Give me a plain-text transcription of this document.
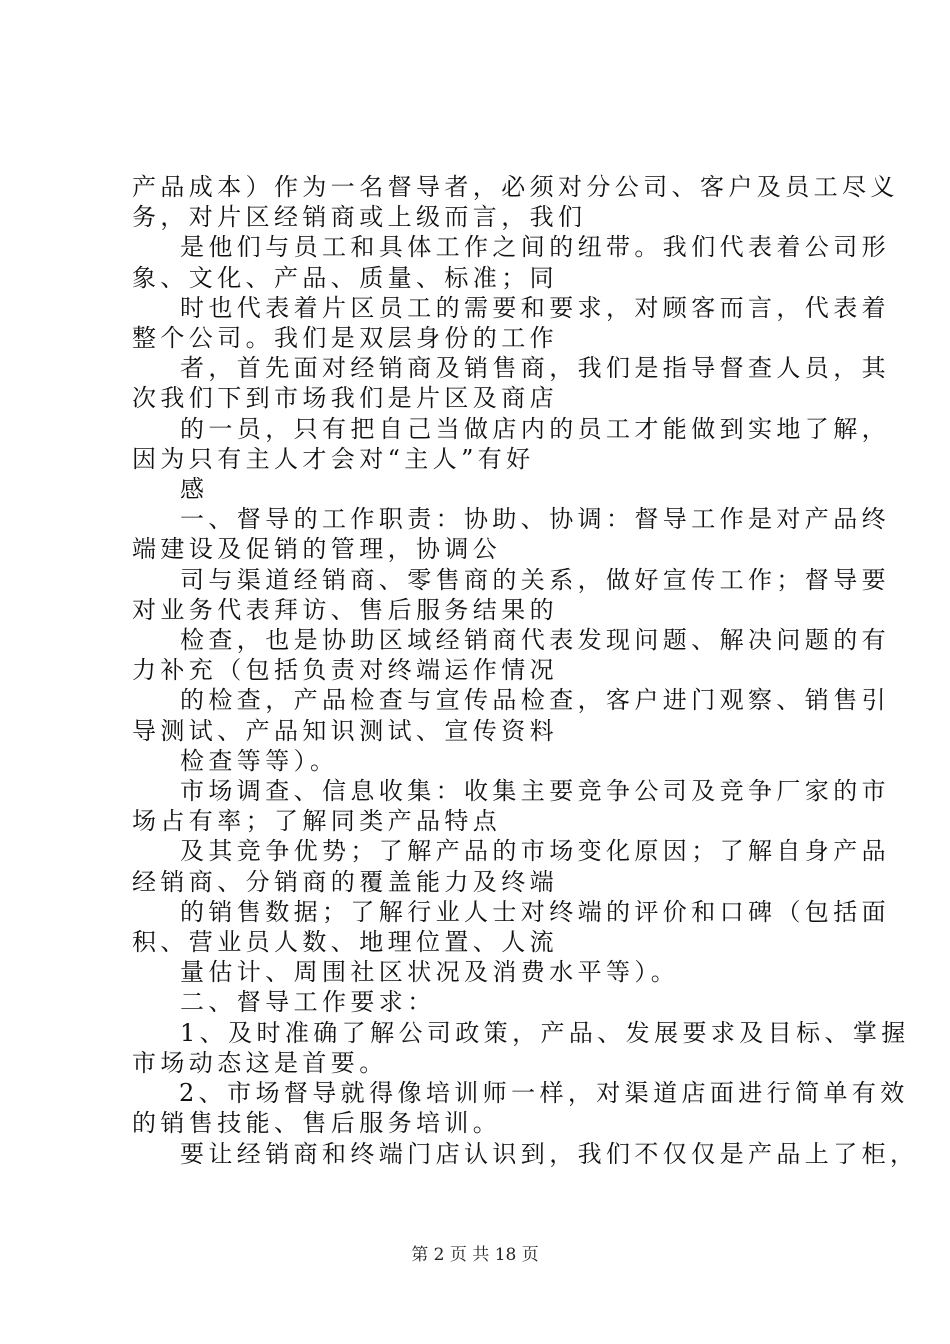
产品成本）作为一名督导者，必须对分公司、客户及员工尽义

务，对片区经销商或上级而言，我们

是他们与员工和具体工作之间的纽带。我们代表着公司形

象、文化、产品、质量、标准；同

时也代表着片区员工的需要和要求，对顾客而言，代表着

整个公司。我们是双层身份的工作

者，首先面对经销商及销售商，我们是指导督查人员，其

次我们下到市场我们是片区及商店

的一员，只有把自己当做店内的员工才能做到实地了解，

因为只有主人才会对“主人”有好

感

一、督导的工作职责：协助、协调：督导工作是对产品终

端建设及促销的管理，协调公

司与渠道经销商、零售商的关系，做好宣传工作；督导要

对业务代表拜访、售后服务结果的

检查，也是协助区域经销商代表发现问题、解决问题的有

力补充（包括负责对终端运作情况

的检查，产品检查与宣传品检查，客户进门观察、销售引

导测试、产品知识测试、宣传资料

检查等等）。

市场调查、信息收集：收集主要竞争公司及竞争厂家的市

场占有率；了解同类产品特点

及其竞争优势；了解产品的市场变化原因；了解自身产品

经销商、分销商的覆盖能力及终端

的销售数据；了解行业人士对终端的评价和口碑（包括面

积、营业员人数、地理位置、人流

量估计、周围社区状况及消费水平等）。

二、督导工作要求：

1、及时准确了解公司政策，产品、发展要求及目标、掌握

市场动态这是首要。

2、市场督导就得像培训师一样，对渠道店面进行简单有效

的销售技能、售后服务培训。

要让经销商和终端门店认识到，我们不仅仅是产品上了柜，

第 2 页 共 18 页
